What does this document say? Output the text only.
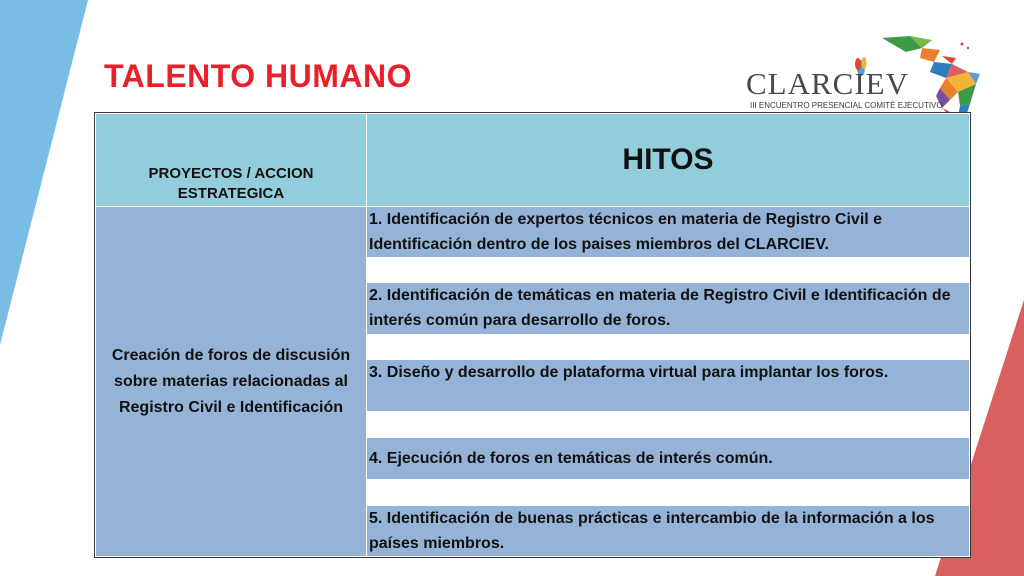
TALENTO HUMANO	CLARCIEV
III ENCUENTRO PRESENCIAL COMITÉ EJECUTIVO
PROYECTOS / ACCION ESTRATEGICA	HITOS
Creación de foros de discusión sobre materias relacionadas al Registro Civil e Identificación	1. Identificación de expertos técnicos en materia de Registro Civil e Identificación dentro de los paises miembros del CLARCIEV.

	2. Identificación de temáticas en materia de Registro Civil e Identificación de interés común para desarrollo de foros.

	3. Diseño y desarrollo de plataforma virtual para implantar los foros.

	4. Ejecución de foros en temáticas de interés común.

	5. Identificación de buenas prácticas e intercambio de la información a los países miembros.
